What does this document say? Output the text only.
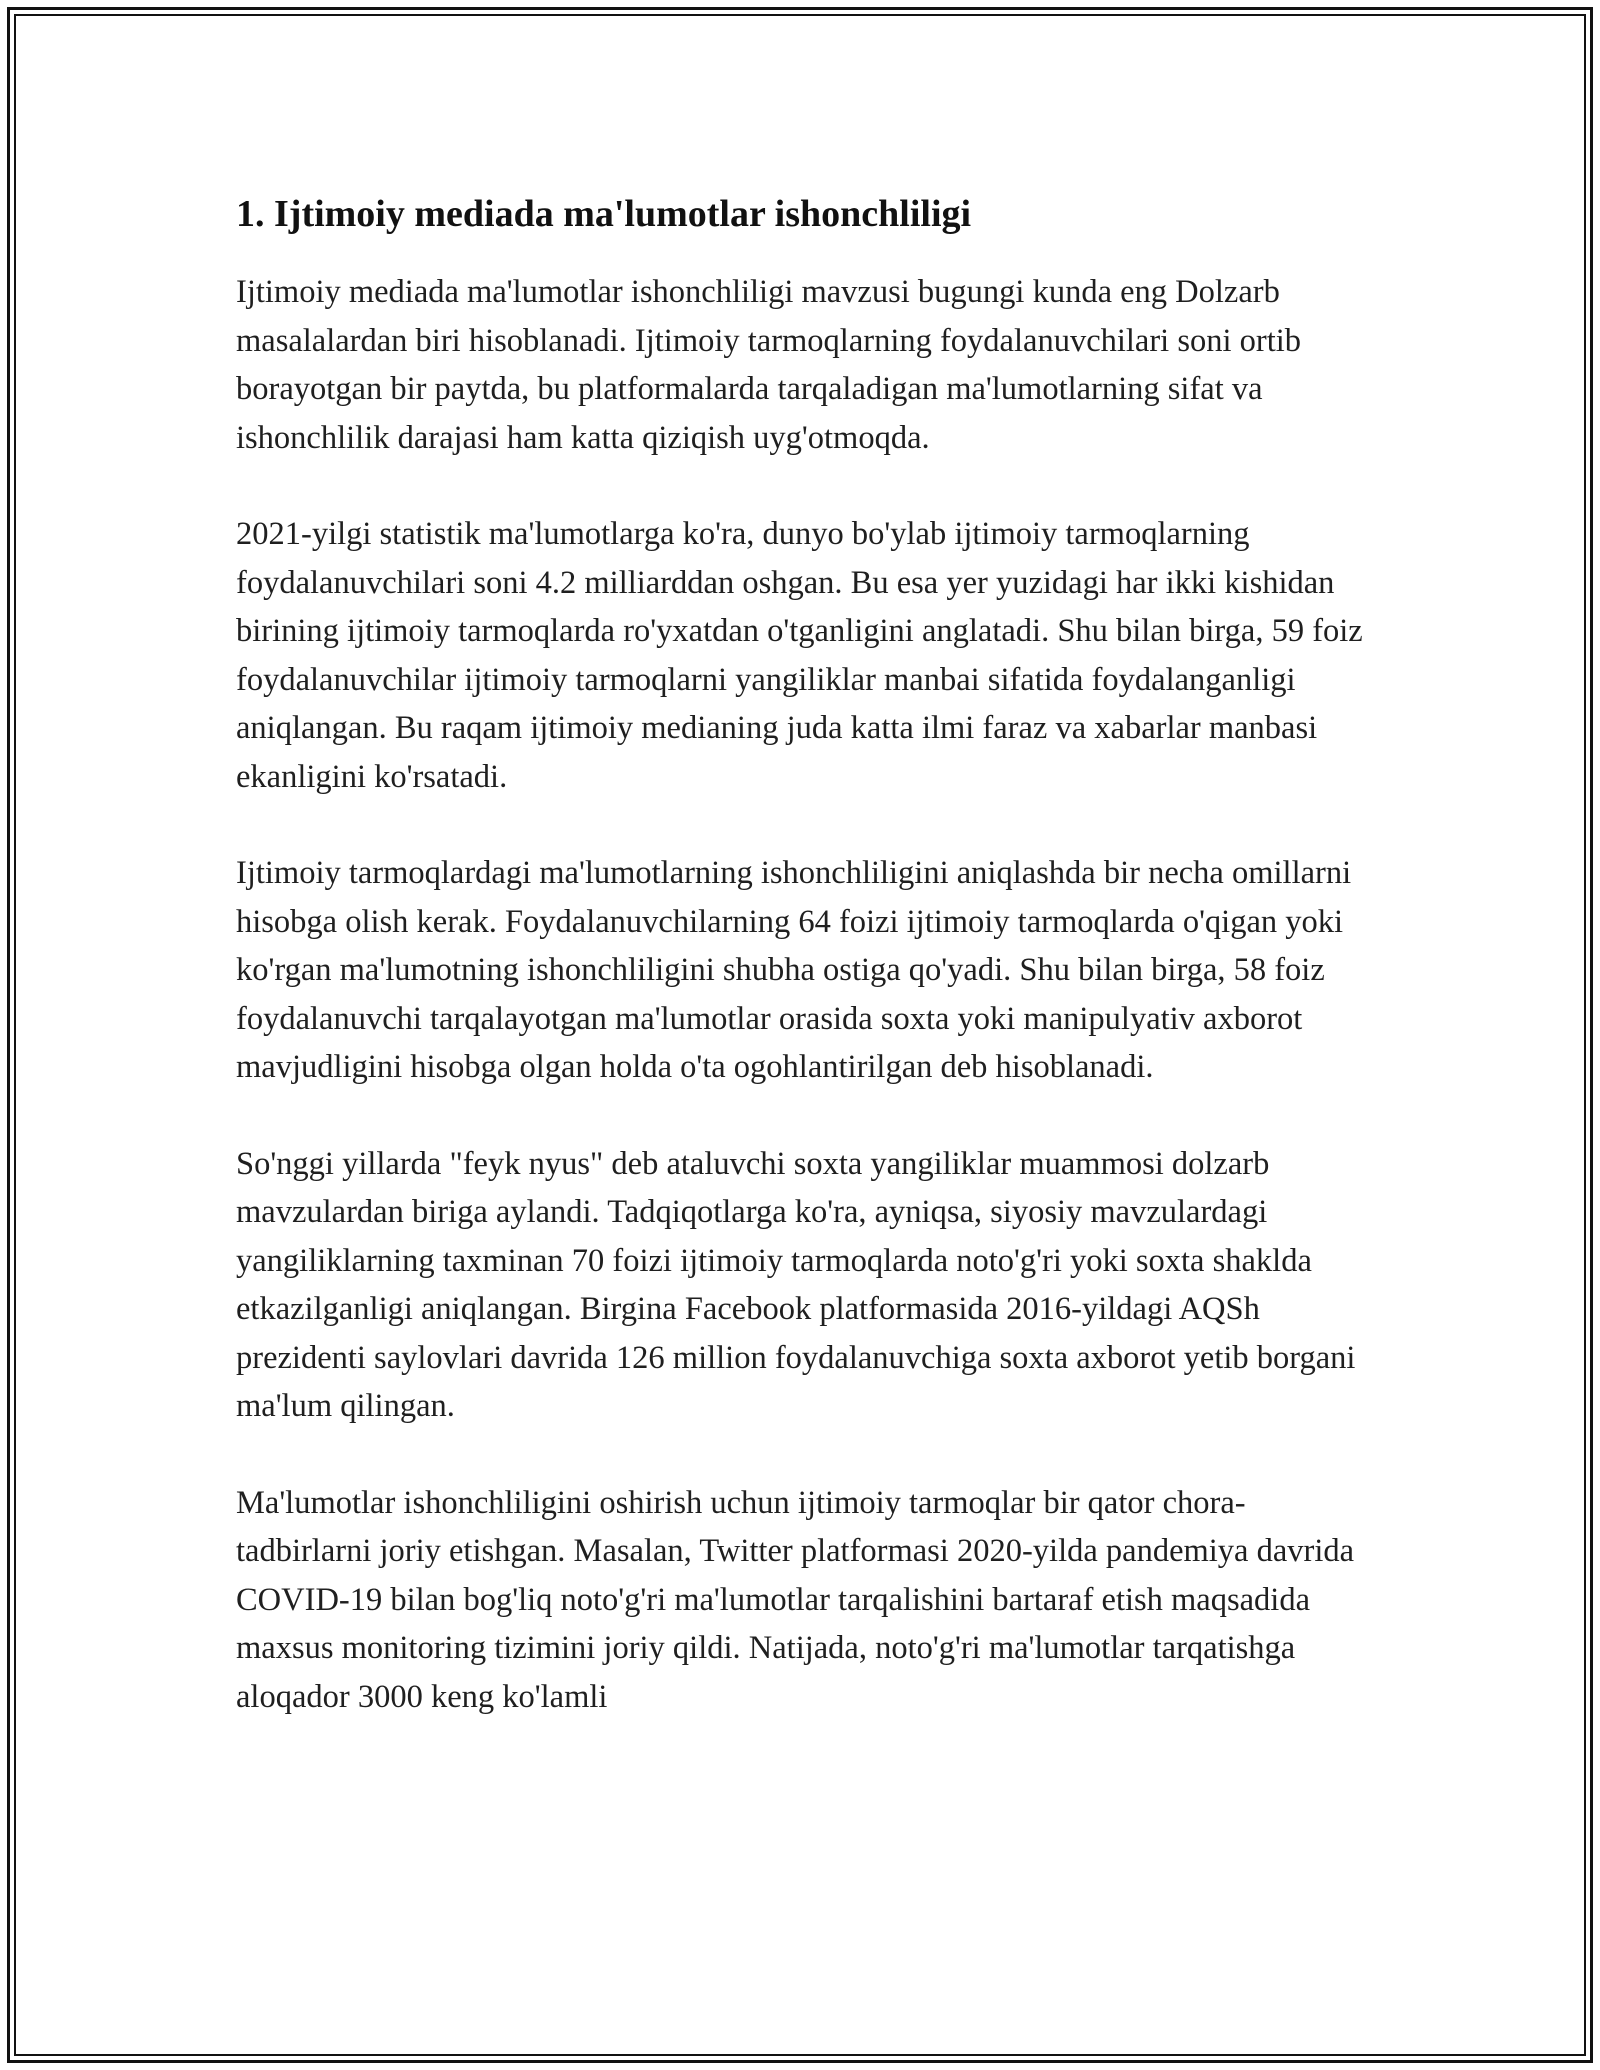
1. Ijtimoiy mediada ma'lumotlar ishonchliligi

Ijtimoiy mediada ma'lumotlar ishonchliligi mavzusi bugungi kunda eng Dolzarb masalalardan biri hisoblanadi. Ijtimoiy tarmoqlarning foydalanuvchilari soni ortib borayotgan bir paytda, bu platformalarda tarqaladigan ma'lumotlarning sifat va ishonchlilik darajasi ham katta qiziqish uyg'otmoqda.

2021-yilgi statistik ma'lumotlarga ko'ra, dunyo bo'ylab ijtimoiy tarmoqlarning foydalanuvchilari soni 4.2 milliarddan oshgan. Bu esa yer yuzidagi har ikki kishidan birining ijtimoiy tarmoqlarda ro'yxatdan o'tganligini anglatadi. Shu bilan birga, 59 foiz foydalanuvchilar ijtimoiy tarmoqlarni yangiliklar manbai sifatida foydalanganligi aniqlangan. Bu raqam ijtimoiy medianing juda katta ilmi faraz va xabarlar manbasi ekanligini ko'rsatadi.

Ijtimoiy tarmoqlardagi ma'lumotlarning ishonchliligini aniqlashda bir necha omillarni hisobga olish kerak. Foydalanuvchilarning 64 foizi ijtimoiy tarmoqlarda o'qigan yoki ko'rgan ma'lumotning ishonchliligini shubha ostiga qo'yadi. Shu bilan birga, 58 foiz foydalanuvchi tarqalayotgan ma'lumotlar orasida soxta yoki manipulyativ axborot mavjudligini hisobga olgan holda o'ta ogohlantirilgan deb hisoblanadi.

So'nggi yillarda "feyk nyus" deb ataluvchi soxta yangiliklar muammosi dolzarb mavzulardan biriga aylandi. Tadqiqotlarga ko'ra, ayniqsa, siyosiy mavzulardagi yangiliklarning taxminan 70 foizi ijtimoiy tarmoqlarda noto'g'ri yoki soxta shakldа etkazilganligi aniqlangan. Birgina Facebook platformasida 2016-yildagi AQSh prezidenti saylovlari davrida 126 million foydalanuvchiga soxta axborot yetib borgani ma'lum qilingan.

Ma'lumotlar ishonchliligini oshirish uchun ijtimoiy tarmoqlar bir qator chora-tadbirlarni joriy etishgan. Masalan, Twitter platformasi 2020-yilda pandemiya davrida COVID-19 bilan bog'liq noto'g'ri ma'lumotlar tarqalishini bartaraf etish maqsadida maxsus monitoring tizimini joriy qildi. Natijada, noto'g'ri ma'lumotlar tarqatishga aloqador 3000 keng ko'lamli
